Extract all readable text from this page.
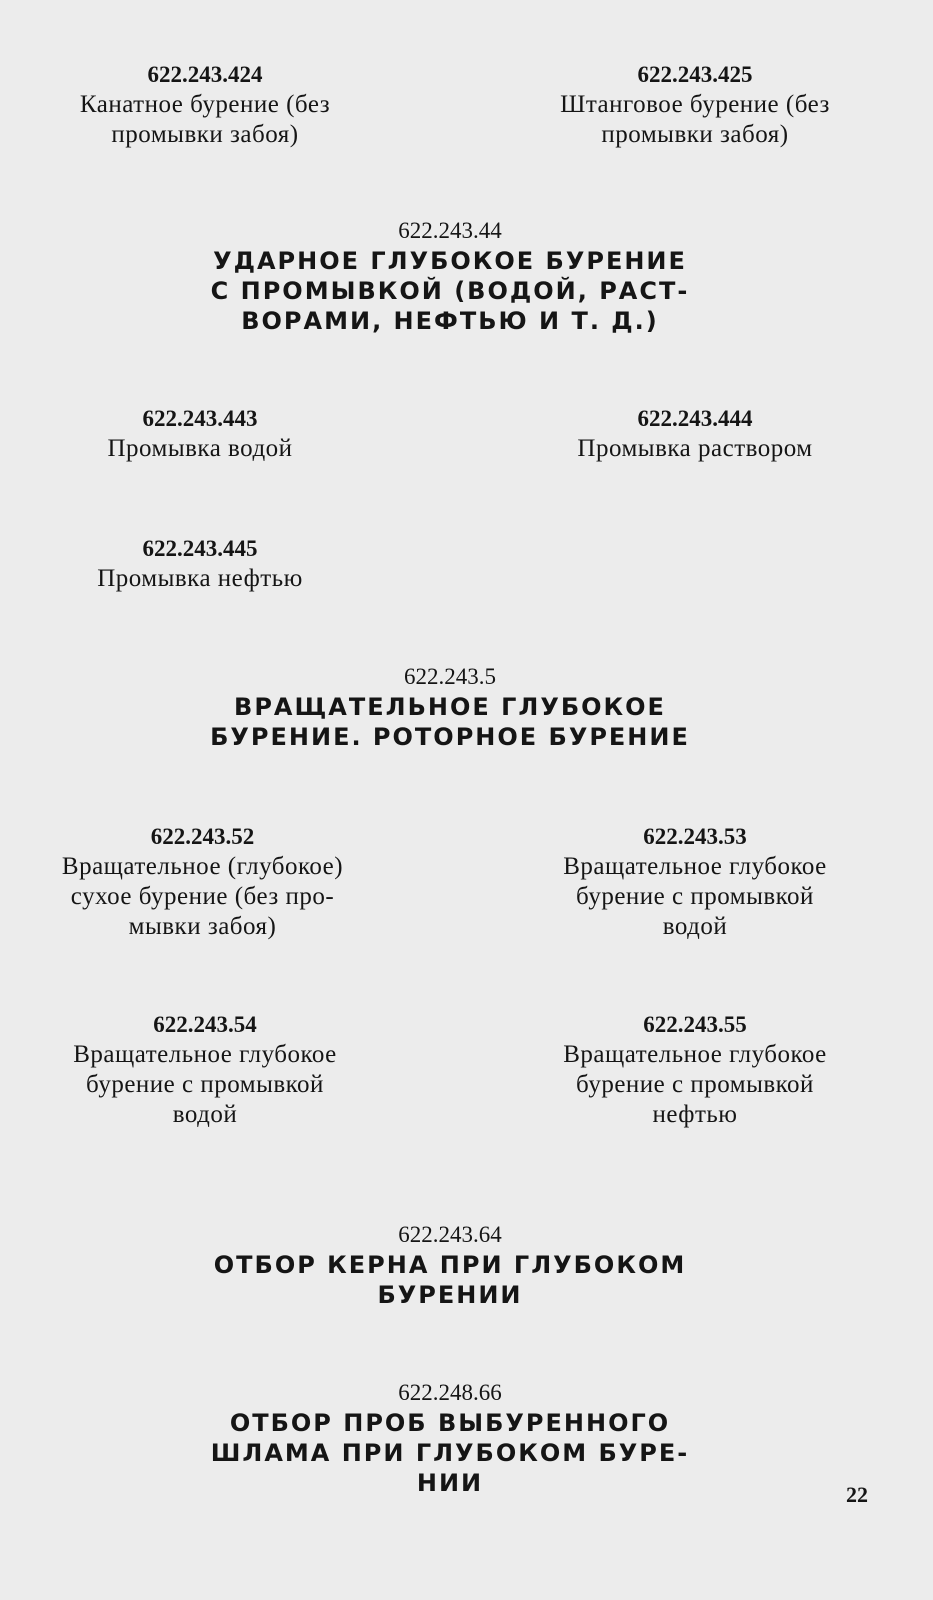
622.243.424
Канатное бурение (без
промывки забоя)
622.243.425
Штанговое бурение (без
промывки забоя)
622.243.44
УДАРНОЕ ГЛУБОКОЕ БУРЕНИЕ
С ПРОМЫВКОЙ (ВОДОЙ, РАСТ-
ВОРАМИ, НЕФТЬЮ И Т. Д.)
622.243.443
Промывка водой
622.243.444
Промывка раствором
622.243.445
Промывка нефтью
622.243.5
ВРАЩАТЕЛЬНОЕ ГЛУБОКОЕ
БУРЕНИЕ. РОТОРНОЕ БУРЕНИЕ
622.243.52
Вращательное (глубокое)
сухое бурение (без про-
мывки забоя)
622.243.53
Вращательное глубокое
бурение с промывкой
водой
622.243.54
Вращательное глубокое
бурение с промывкой
водой
622.243.55
Вращательное глубокое
бурение с промывкой
нефтью
622.243.64
ОТБОР КЕРНА ПРИ ГЛУБОКОМ
БУРЕНИИ
622.248.66
ОТБОР ПРОБ ВЫБУРЕННОГО
ШЛАМА ПРИ ГЛУБОКОМ БУРЕ-
НИИ	22
